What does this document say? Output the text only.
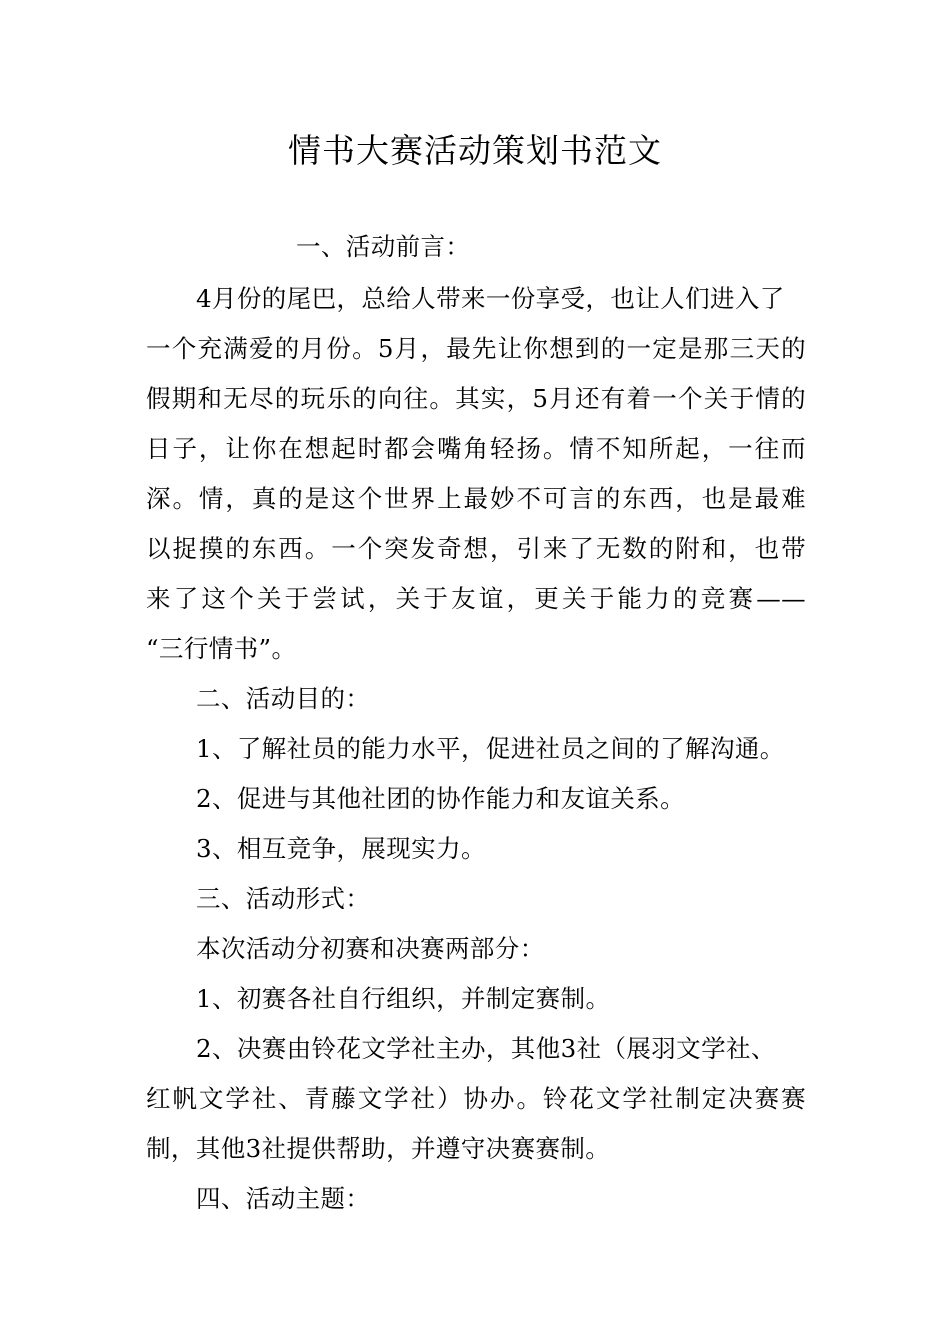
情书大赛活动策划书范文

一、活动前言：

4月份的尾巴，总给人带来一份享受，也让人们进入了

一个充满爱的月份。5月，最先让你想到的一定是那三天的

假期和无尽的玩乐的向往。其实，5月还有着一个关于情的

日子，让你在想起时都会嘴角轻扬。情不知所起，一往而

深。情，真的是这个世界上最妙不可言的东西，也是最难

以捉摸的东西。一个突发奇想，引来了无数的附和，也带

来了这个关于尝试，关于友谊，更关于能力的竞赛——

“三行情书”。

二、活动目的：

1、了解社员的能力水平，促进社员之间的了解沟通。

2、促进与其他社团的协作能力和友谊关系。

3、相互竞争，展现实力。

三、活动形式：

本次活动分初赛和决赛两部分：

1、初赛各社自行组织，并制定赛制。

2、决赛由铃花文学社主办，其他3社（展羽文学社、

红帆文学社、青藤文学社）协办。铃花文学社制定决赛赛

制，其他3社提供帮助，并遵守决赛赛制。

四、活动主题：
